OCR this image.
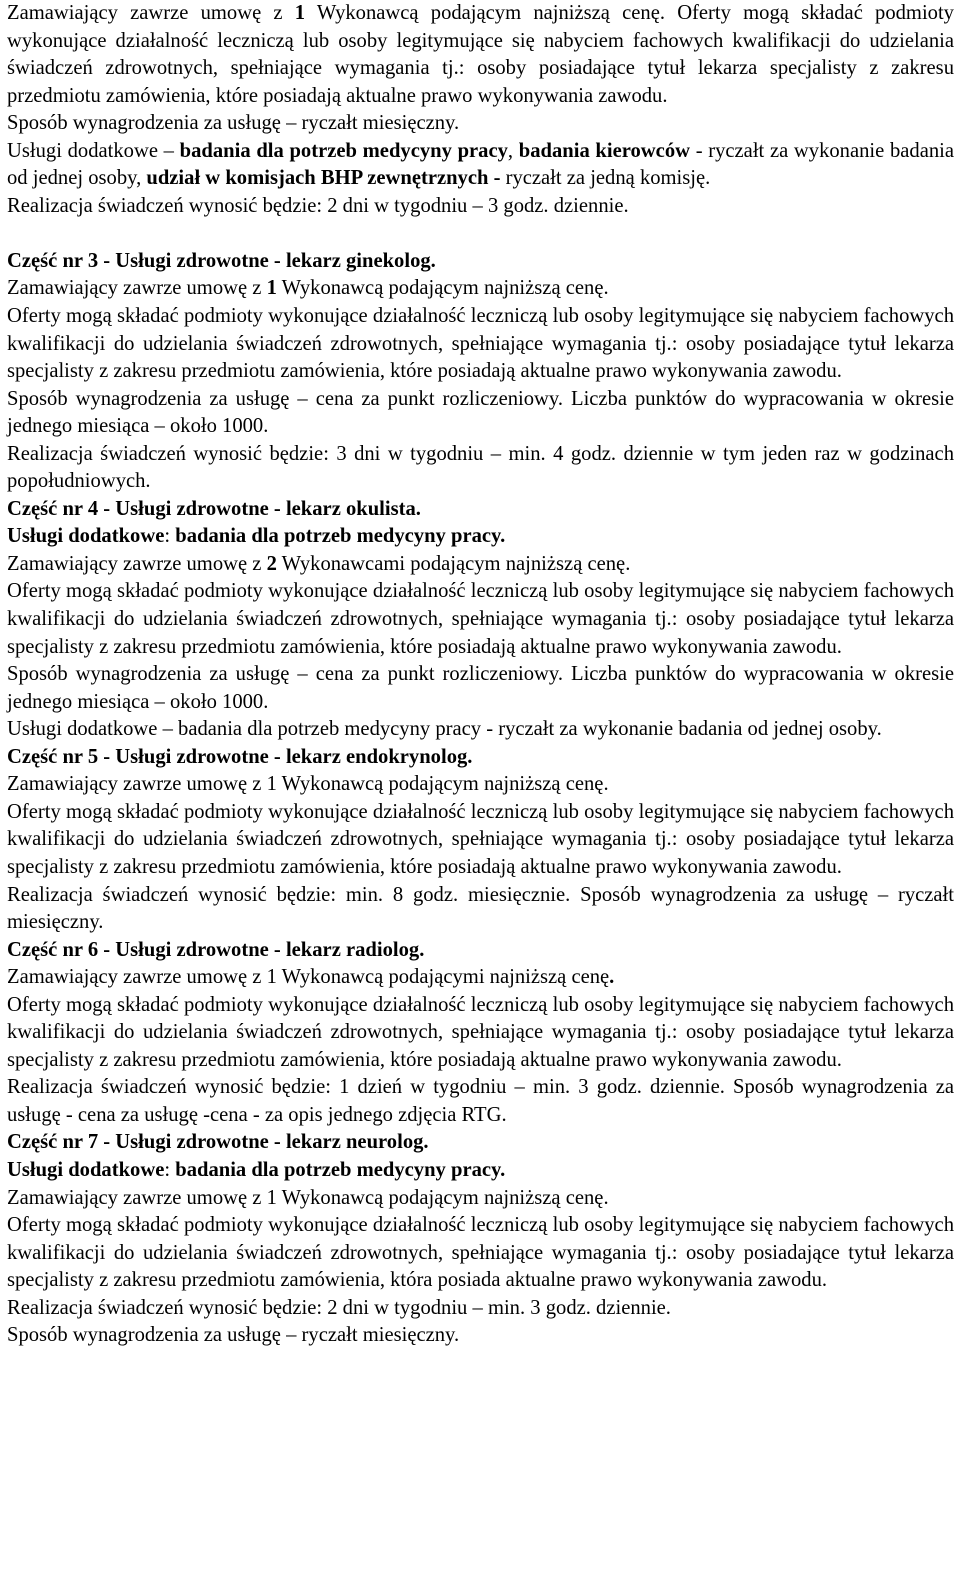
Zamawiający zawrze umowę z 1 Wykonawcą podającym najniższą cenę. Oferty mogą składać podmioty wykonujące działalność leczniczą lub osoby legitymujące się nabyciem fachowych kwalifikacji do udzielania świadczeń zdrowotnych, spełniające wymagania tj.: osoby posiadające tytuł lekarza specjalisty z zakresu przedmiotu zamówienia, które posiadają aktualne prawo wykonywania zawodu.

Sposób wynagrodzenia za usługę – ryczałt miesięczny.

Usługi dodatkowe – badania dla potrzeb medycyny pracy, badania kierowców - ryczałt za wykonanie badania od jednej osoby, udział w komisjach BHP zewnętrznych - ryczałt za jedną komisję.

Realizacja świadczeń wynosić będzie: 2 dni w tygodniu – 3 godz. dziennie.

Część nr 3 - Usługi zdrowotne - lekarz ginekolog.

Zamawiający zawrze umowę z 1 Wykonawcą podającym najniższą cenę.

Oferty mogą składać podmioty wykonujące działalność leczniczą lub osoby legitymujące się nabyciem fachowych kwalifikacji do udzielania świadczeń zdrowotnych, spełniające wymagania tj.: osoby posiadające tytuł lekarza specjalisty z zakresu przedmiotu zamówienia, które posiadają aktualne prawo wykonywania zawodu.

Sposób wynagrodzenia za usługę – cena za punkt rozliczeniowy. Liczba punktów do wypracowania w okresie jednego miesiąca – około 1000.

Realizacja świadczeń wynosić będzie: 3 dni w tygodniu – min. 4 godz. dziennie w tym jeden raz w godzinach popołudniowych.

Część nr 4 - Usługi zdrowotne - lekarz okulista.

Usługi dodatkowe: badania dla potrzeb medycyny pracy.

Zamawiający zawrze umowę z 2 Wykonawcami podającym najniższą cenę.

Oferty mogą składać podmioty wykonujące działalność leczniczą lub osoby legitymujące się nabyciem fachowych kwalifikacji do udzielania świadczeń zdrowotnych, spełniające wymagania tj.: osoby posiadające tytuł lekarza specjalisty z zakresu przedmiotu zamówienia, które posiadają aktualne prawo wykonywania zawodu.

Sposób wynagrodzenia za usługę – cena za punkt rozliczeniowy. Liczba punktów do wypracowania w okresie jednego miesiąca – około 1000.

Usługi dodatkowe – badania dla potrzeb medycyny pracy - ryczałt za wykonanie badania od jednej osoby.

Część nr 5 - Usługi zdrowotne - lekarz endokrynolog.

Zamawiający zawrze umowę z 1 Wykonawcą podającym najniższą cenę.

Oferty mogą składać podmioty wykonujące działalność leczniczą lub osoby legitymujące się nabyciem fachowych kwalifikacji do udzielania świadczeń zdrowotnych, spełniające wymagania tj.: osoby posiadające tytuł lekarza specjalisty z zakresu przedmiotu zamówienia, które posiadają aktualne prawo wykonywania zawodu.

Realizacja świadczeń wynosić będzie: min. 8 godz. miesięcznie. Sposób wynagrodzenia za usługę – ryczałt miesięczny.

Część nr 6 - Usługi zdrowotne - lekarz radiolog.

Zamawiający zawrze umowę z 1 Wykonawcą podającymi najniższą cenę.

Oferty mogą składać podmioty wykonujące działalność leczniczą lub osoby legitymujące się nabyciem fachowych kwalifikacji do udzielania świadczeń zdrowotnych, spełniające wymagania tj.: osoby posiadające tytuł lekarza specjalisty z zakresu przedmiotu zamówienia, które posiadają aktualne prawo wykonywania zawodu.

Realizacja świadczeń wynosić będzie: 1 dzień w tygodniu – min. 3 godz. dziennie. Sposób wynagrodzenia za usługę - cena za usługę -cena - za opis jednego zdjęcia RTG.

Część nr 7 - Usługi zdrowotne - lekarz neurolog.

Usługi dodatkowe: badania dla potrzeb medycyny pracy.

Zamawiający zawrze umowę z 1 Wykonawcą podającym najniższą cenę.

Oferty mogą składać podmioty wykonujące działalność leczniczą lub osoby legitymujące się nabyciem fachowych kwalifikacji do udzielania świadczeń zdrowotnych, spełniające wymagania tj.: osoby posiadające tytuł lekarza specjalisty z zakresu przedmiotu zamówienia, która posiada aktualne prawo wykonywania zawodu.

Realizacja świadczeń wynosić będzie: 2 dni w tygodniu – min. 3 godz. dziennie.

Sposób wynagrodzenia za usługę – ryczałt miesięczny.
